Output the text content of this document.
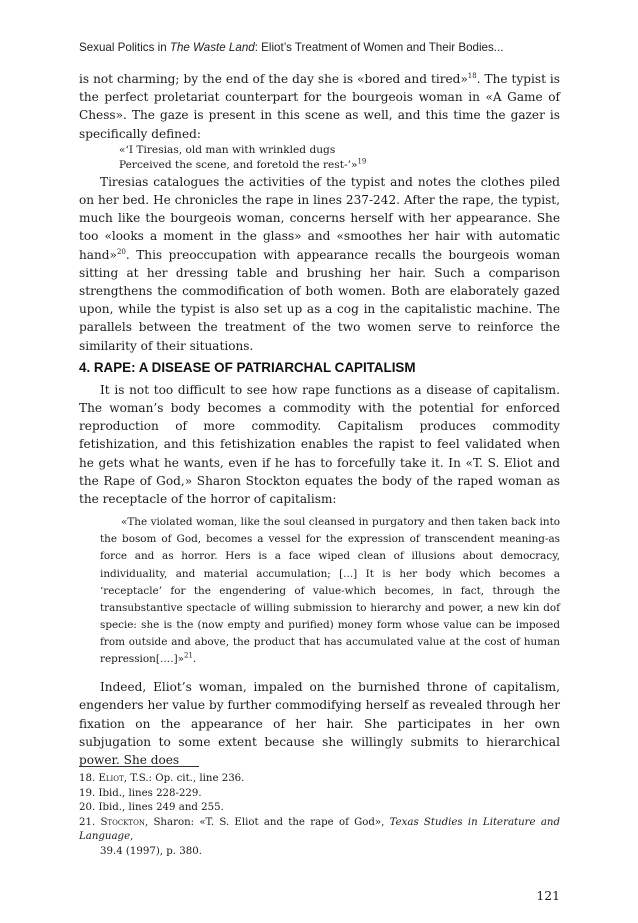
Sexual Politics in The Waste Land: Eliot’s Treatment of Women and Their Bodies...

is not charming; by the end of the day she is «bored and tired»$^{18}$. The typist is the perfect proletariat counterpart for the bourgeois woman in «A Game of Chess». The gaze is present in this scene as well, and this time the gazer is specifically defined:

«‘I Tiresias, old man with wrinkled dugs
Perceived the scene, and foretold the rest-’»$^{19}$

Tiresias catalogues the activities of the typist and notes the clothes piled on her bed. He chronicles the rape in lines 237-242. After the rape, the typist, much like the bourgeois woman, concerns herself with her appearance. She too «looks a moment in the glass» and «smoothes her hair with automatic hand»$^{20}$. This preoccupation with appearance recalls the bourgeois woman sitting at her dressing table and brushing her hair. Such a comparison strengthens the commodification of both women. Both are elaborately gazed upon, while the typist is also set up as a cog in the capitalistic machine. The parallels between the treatment of the two women serve to reinforce the similarity of their situations.

4. RAPE: A DISEASE OF PATRIARCHAL CAPITALISM

It is not too difficult to see how rape functions as a disease of capitalism. The woman’s body becomes a commodity with the potential for enforced reproduction of more commodity. Capitalism produces commodity fetishization, and this fetishization enables the rapist to feel validated when he gets what he wants, even if he has to forcefully take it. In «T. S. Eliot and the Rape of God,» Sharon Stockton equates the body of the raped woman as the receptacle of the horror of capitalism:

«The violated woman, like the soul cleansed in purgatory and then taken back into the bosom of God, becomes a vessel for the expression of transcendent meaning-as force and as horror. Hers is a face wiped clean of illusions about democracy, individuality, and material accumulation; [...] It is her body which becomes a ‘receptacle’ for the engendering of value-which becomes, in fact, through the transubstantive spectacle of willing submission to hierarchy and power, a new kin dof specie: she is the (now empty and purified) money form whose value can be imposed from outside and above, the product that has accumulated value at the cost of human repression[….]»$^{21}$.

Indeed, Eliot’s woman, impaled on the burnished throne of capitalism, engenders her value by further commodifying herself as revealed through her fixation on the appearance of her hair. She participates in her own subjugation to some extent because she willingly submits to hierarchical power. She does

18. Eliot, T.S.: Op. cit., line 236.

19. Ibid., lines 228-229.

20. Ibid., lines 249 and 255.

21. Stockton, Sharon: «T. S. Eliot and the rape of God», Texas Studies in Literature and Language,

39.4 (1997), p. 380.

121
